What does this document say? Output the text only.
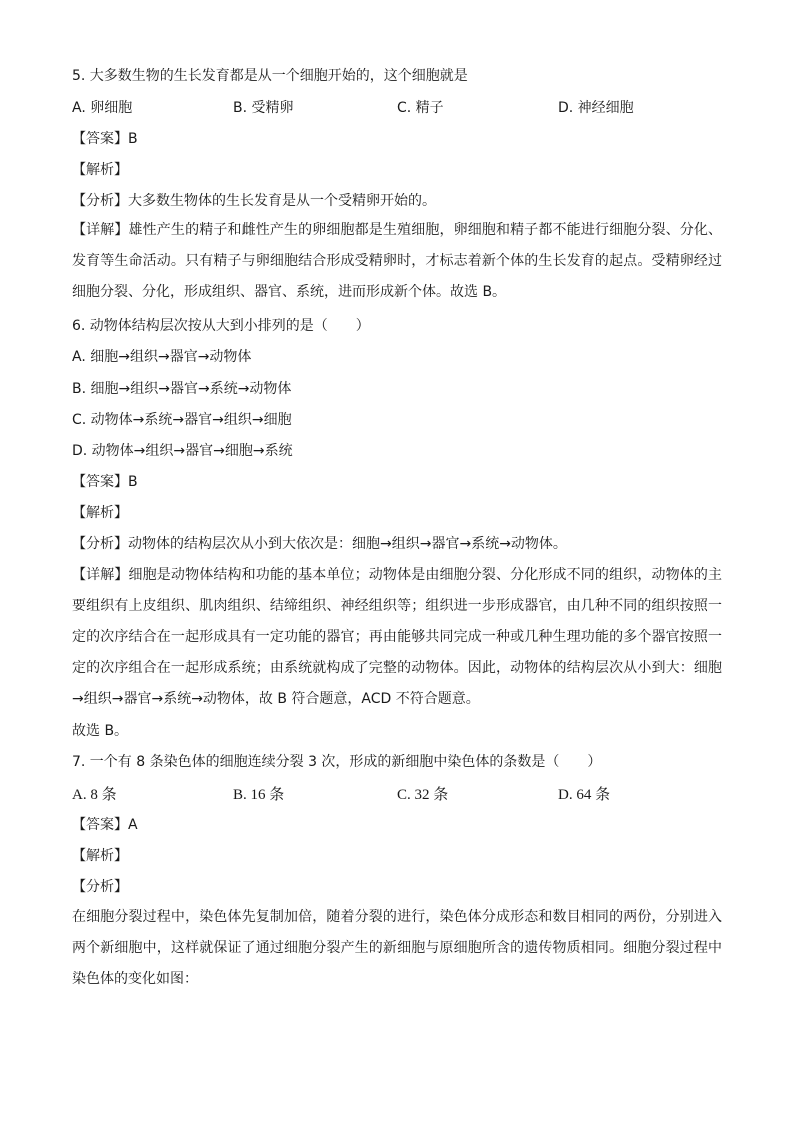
5. 大多数生物的生长发育都是从一个细胞开始的，这个细胞就是
A. 卵细胞	B. 受精卵	C. 精子	D. 神经细胞
【答案】B
【解析】
【分析】大多数生物体的生长发育是从一个受精卵开始的。
【详解】雄性产生的精子和雌性产生的卵细胞都是生殖细胞，卵细胞和精子都不能进行细胞分裂、分化、发育等生命活动。只有精子与卵细胞结合形成受精卵时，才标志着新个体的生长发育的起点。受精卵经过细胞分裂、分化，形成组织、器官、系统，进而形成新个体。故选 B。
6. 动物体结构层次按从大到小排列的是（　　）
A. 细胞→组织→器官→动物体
B. 细胞→组织→器官→系统→动物体
C. 动物体→系统→器官→组织→细胞
D. 动物体→组织→器官→细胞→系统
【答案】B
【解析】
【分析】动物体的结构层次从小到大依次是：细胞→组织→器官→系统→动物体。
【详解】细胞是动物体结构和功能的基本单位；动物体是由细胞分裂、分化形成不同的组织，动物体的主要组织有上皮组织、肌肉组织、结缔组织、神经组织等；组织进一步形成器官，由几种不同的组织按照一定的次序结合在一起形成具有一定功能的器官；再由能够共同完成一种或几种生理功能的多个器官按照一定的次序组合在一起形成系统；由系统就构成了完整的动物体。因此，动物体的结构层次从小到大：细胞→组织→器官→系统→动物体，故 B 符合题意，ACD 不符合题意。
故选 B。
7. 一个有 8 条染色体的细胞连续分裂 3 次，形成的新细胞中染色体的条数是（　　）
A. 8 条	B. 16 条	C. 32 条	D. 64 条
【答案】A
【解析】
【分析】
在细胞分裂过程中，染色体先复制加倍，随着分裂的进行，染色体分成形态和数目相同的两份，分别进入两个新细胞中，这样就保证了通过细胞分裂产生的新细胞与原细胞所含的遗传物质相同。细胞分裂过程中染色体的变化如图：
